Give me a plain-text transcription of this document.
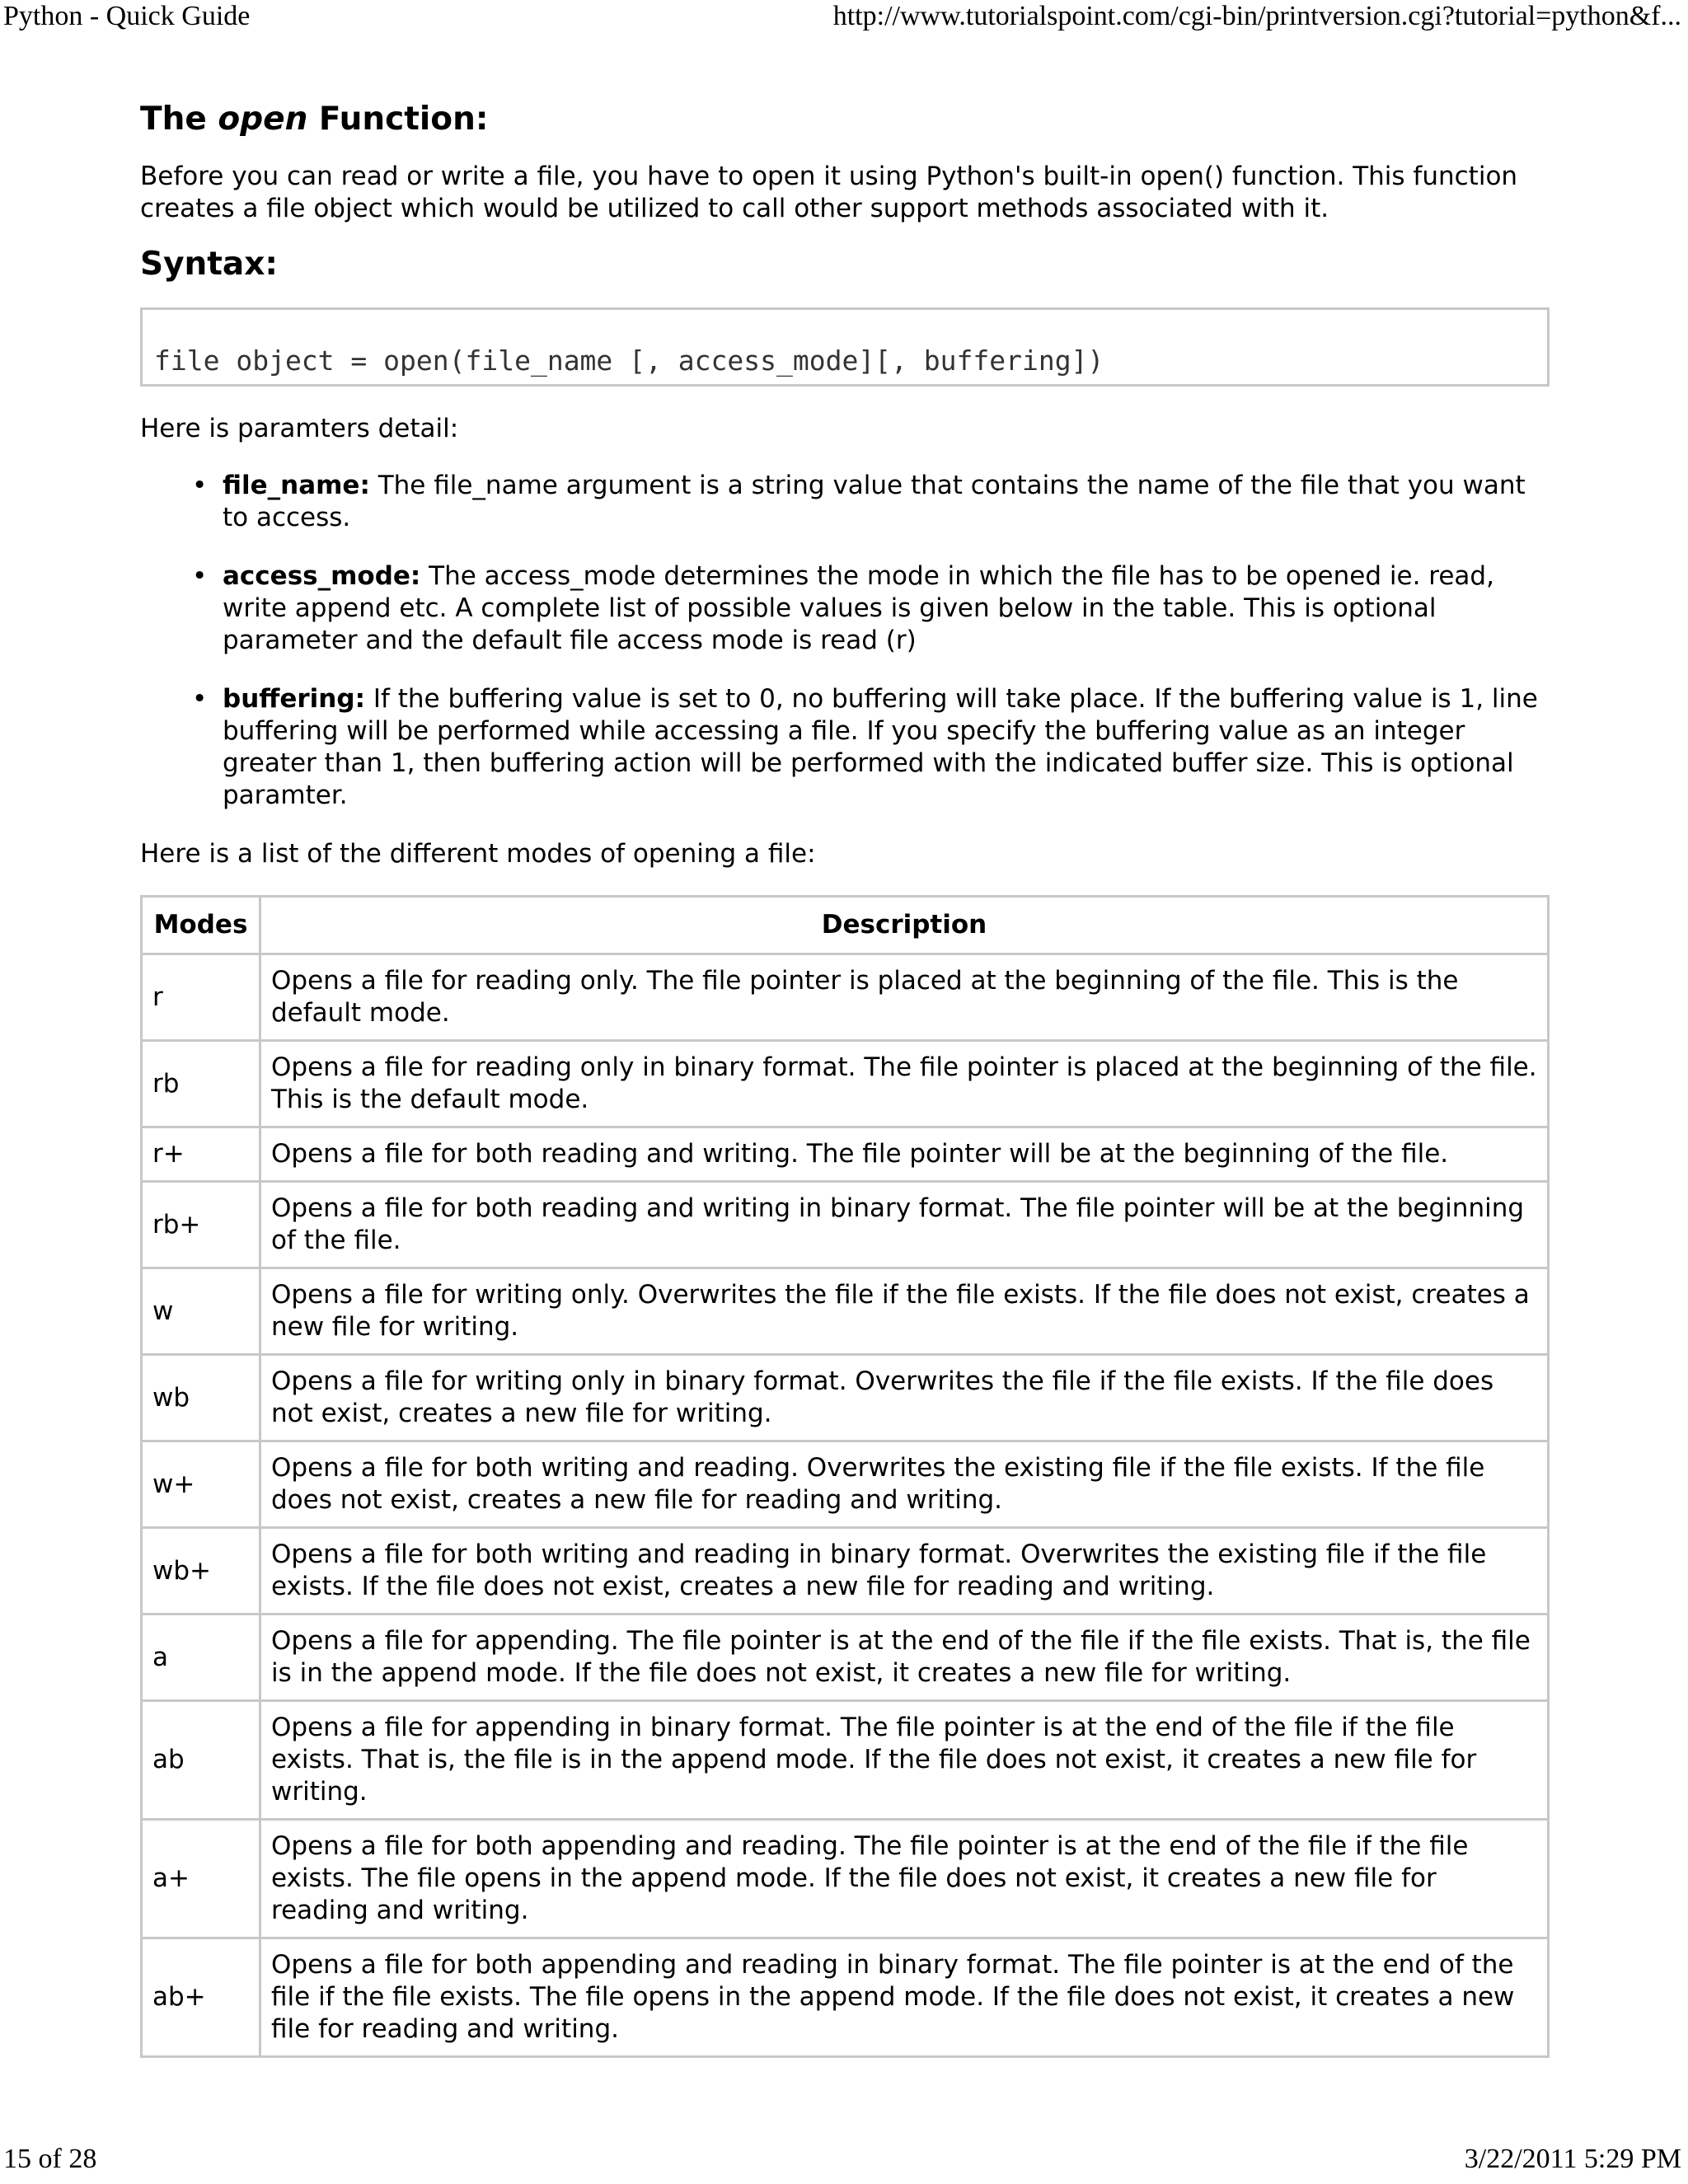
Python - Quick Guide	http://www.tutorialspoint.com/cgi-bin/printversion.cgi?tutorial=python&f...
The open Function:

Before you can read or write a file, you have to open it using Python's built-in open() function. This function creates a file object which would be utilized to call other support methods associated with it.

Syntax:
file object = open(file_name [, access_mode][, buffering])

Here is paramters detail:

• file_name: The file_name argument is a string value that contains the name of the file that you want to access.
• access_mode: The access_mode determines the mode in which the file has to be opened ie. read, write append etc. A complete list of possible values is given below in the table. This is optional parameter and the default file access mode is read (r)
• buffering: If the buffering value is set to 0, no buffering will take place. If the buffering value is 1, line buffering will be performed while accessing a file. If you specify the buffering value as an integer greater than 1, then buffering action will be performed with the indicated buffer size. This is optional paramter.

Here is a list of the different modes of opening a file:

Modes	Description
r	Opens a file for reading only. The file pointer is placed at the beginning of the file. This is the default mode.
rb	Opens a file for reading only in binary format. The file pointer is placed at the beginning of the file. This is the default mode.
r+	Opens a file for both reading and writing. The file pointer will be at the beginning of the file.
rb+	Opens a file for both reading and writing in binary format. The file pointer will be at the beginning of the file.
w	Opens a file for writing only. Overwrites the file if the file exists. If the file does not exist, creates a new file for writing.
wb	Opens a file for writing only in binary format. Overwrites the file if the file exists. If the file does not exist, creates a new file for writing.
w+	Opens a file for both writing and reading. Overwrites the existing file if the file exists. If the file does not exist, creates a new file for reading and writing.
wb+	Opens a file for both writing and reading in binary format. Overwrites the existing file if the file exists. If the file does not exist, creates a new file for reading and writing.
a	Opens a file for appending. The file pointer is at the end of the file if the file exists. That is, the file is in the append mode. If the file does not exist, it creates a new file for writing.
ab	Opens a file for appending in binary format. The file pointer is at the end of the file if the file exists. That is, the file is in the append mode. If the file does not exist, it creates a new file for writing.
a+	Opens a file for both appending and reading. The file pointer is at the end of the file if the file exists. The file opens in the append mode. If the file does not exist, it creates a new file for reading and writing.
ab+	Opens a file for both appending and reading in binary format. The file pointer is at the end of the file if the file exists. The file opens in the append mode. If the file does not exist, it creates a new file for reading and writing.
15 of 28	3/22/2011 5:29 PM
